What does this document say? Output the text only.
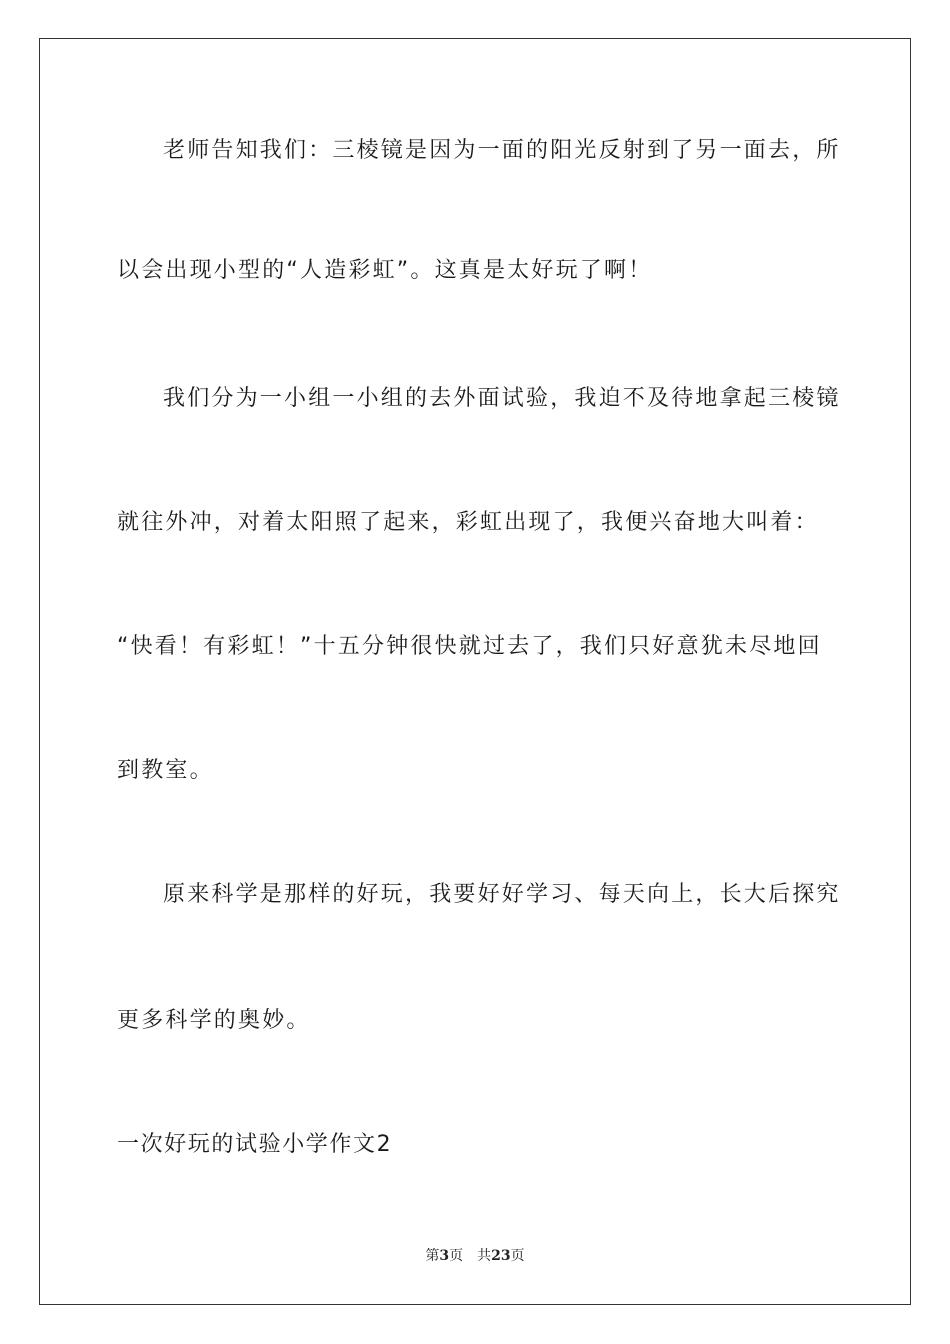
老师告知我们：三棱镜是因为一面的阳光反射到了另一面去，所
以会出现小型的“人造彩虹”。这真是太好玩了啊！
我们分为一小组一小组的去外面试验，我迫不及待地拿起三棱镜
就往外冲，对着太阳照了起来，彩虹出现了，我便兴奋地大叫着：
“快看！有彩虹！”十五分钟很快就过去了，我们只好意犹未尽地回
到教室。
原来科学是那样的好玩，我要好好学习、每天向上，长大后探究
更多科学的奥妙。
一次好玩的试验小学作文2
第3页 共23页
